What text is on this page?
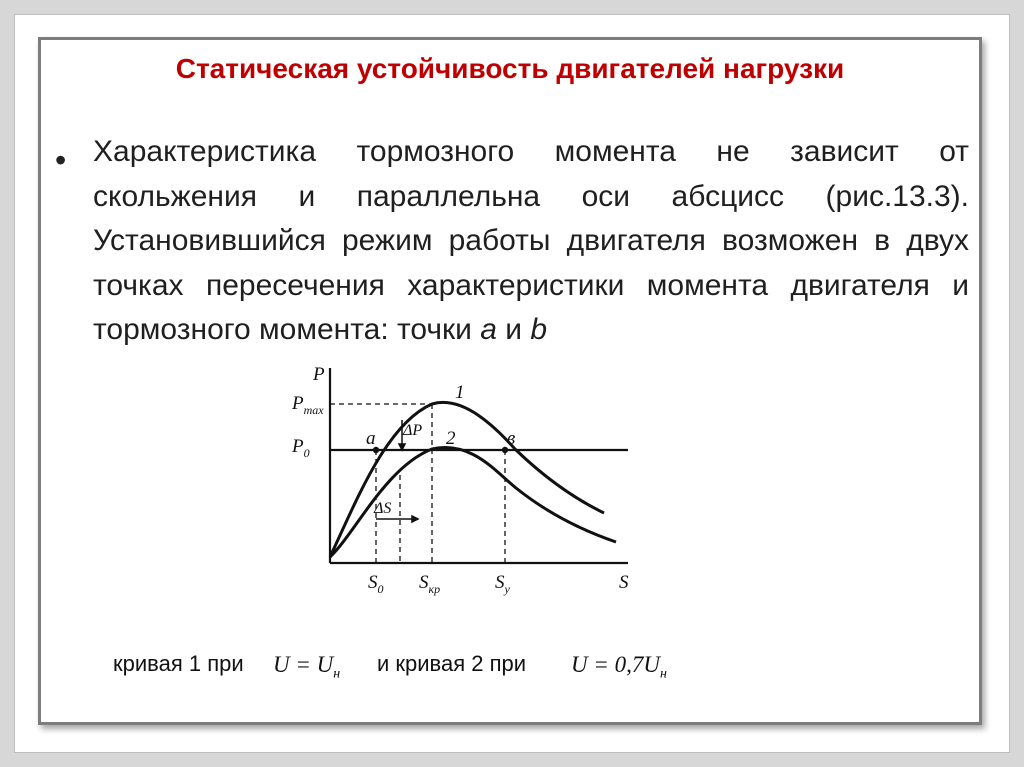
Статическая устойчивость двигателей нагрузки
• Характеристика тормозного момента не зависит от скольжения и параллельна оси абсцисс (рис.13.3). Установившийся режим работы двигателя возможен в двух точках пересечения характеристики момента двигателя и тормозного момента: точки a и b
P
$P_{max}$
$P_0$
1
2
a	в
ΔP
ΔS
S
$S_0$ $S_{кр}$	$S_у$
кривая 1 при $U = U_н$ и кривая 2 при $U = 0,7U_н$
